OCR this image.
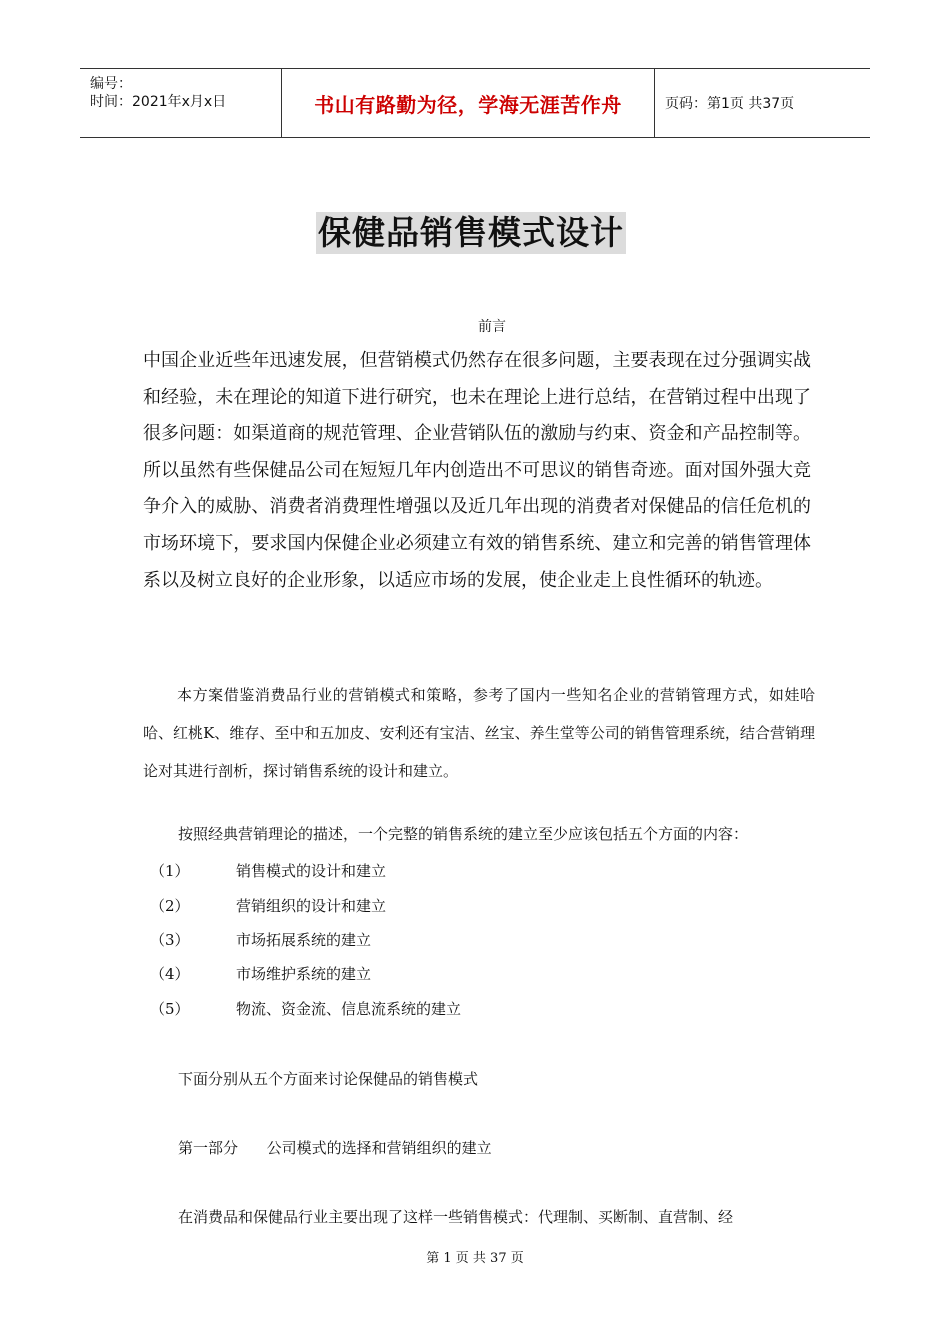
编号：
时间：2021年x月x日	书山有路勤为径，学海无涯苦作舟	页码：第1页 共37页
保健品销售模式设计
前言

中国企业近些年迅速发展，但营销模式仍然存在很多问题，主要表现在过分强调实战和经验，未在理论的知道下进行研究，也未在理论上进行总结，在营销过程中出现了很多问题：如渠道商的规范管理、企业营销队伍的激励与约束、资金和产品控制等。所以虽然有些保健品公司在短短几年内创造出不可思议的销售奇迹。面对国外强大竞争介入的威胁、消费者消费理性增强以及近几年出现的消费者对保健品的信任危机的市场环境下，要求国内保健企业必须建立有效的销售系统、建立和完善的销售管理体系以及树立良好的企业形象，以适应市场的发展，使企业走上良性循环的轨迹。

本方案借鉴消费品行业的营销模式和策略，参考了国内一些知名企业的营销管理方式，如娃哈哈、红桃K、维存、至中和五加皮、安利还有宝洁、丝宝、养生堂等公司的销售管理系统，结合营销理论对其进行剖析，探讨销售系统的设计和建立。

按照经典营销理论的描述，一个完整的销售系统的建立至少应该包括五个方面的内容：

（1）	销售模式的设计和建立
（2）	营销组织的设计和建立
（3）	市场拓展系统的建立
（4）	市场维护系统的建立
（5）	物流、资金流、信息流系统的建立

下面分别从五个方面来讨论保健品的销售模式

第一部分      公司模式的选择和营销组织的建立

在消费品和保健品行业主要出现了这样一些销售模式：代理制、买断制、直营制、经

第 1 页 共 37 页
